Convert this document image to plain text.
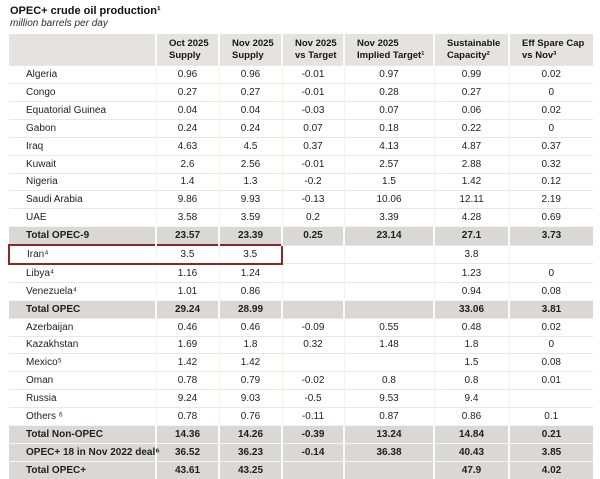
OPEC+ crude oil production¹
million barrels per day
	Oct 2025 Supply	Nov 2025 Supply	Nov 2025 vs Target	Nov 2025 Implied Target¹	Sustainable Capacity²	Eff Spare Cap vs Nov³
Algeria	0.96	0.96	-0.01	0.97	0.99	0.02
Congo	0.27	0.27	-0.01	0.28	0.27	0
Equatorial Guinea	0.04	0.04	-0.03	0.07	0.06	0.02
Gabon	0.24	0.24	0.07	0.18	0.22	0
Iraq	4.63	4.5	0.37	4.13	4.87	0.37
Kuwait	2.6	2.56	-0.01	2.57	2.88	0.32
Nigeria	1.4	1.3	-0.2	1.5	1.42	0.12
Saudi Arabia	9.86	9.93	-0.13	10.06	12.11	2.19
UAE	3.58	3.59	0.2	3.39	4.28	0.69
Total OPEC-9	23.57	23.39	0.25	23.14	27.1	3.73
Iran⁴	3.5	3.5			3.8	
Libya⁴	1.16	1.24			1.23	0
Venezuela⁴	1.01	0.86			0.94	0.08
Total OPEC	29.24	28.99			33.06	3.81
Azerbaijan	0.46	0.46	-0.09	0.55	0.48	0.02
Kazakhstan	1.69	1.8	0.32	1.48	1.8	0
Mexico⁵	1.42	1.42			1.5	0.08
Oman	0.78	0.79	-0.02	0.8	0.8	0.01
Russia	9.24	9.03	-0.5	9.53	9.4	
Others ⁶	0.78	0.76	-0.11	0.87	0.86	0.1
Total Non-OPEC	14.36	14.26	-0.39	13.24	14.84	0.21
OPEC+ 18 in Nov 2022 deal⁶	36.52	36.23	-0.14	36.38	40.43	3.85
Total OPEC+	43.61	43.25			47.9	4.02
